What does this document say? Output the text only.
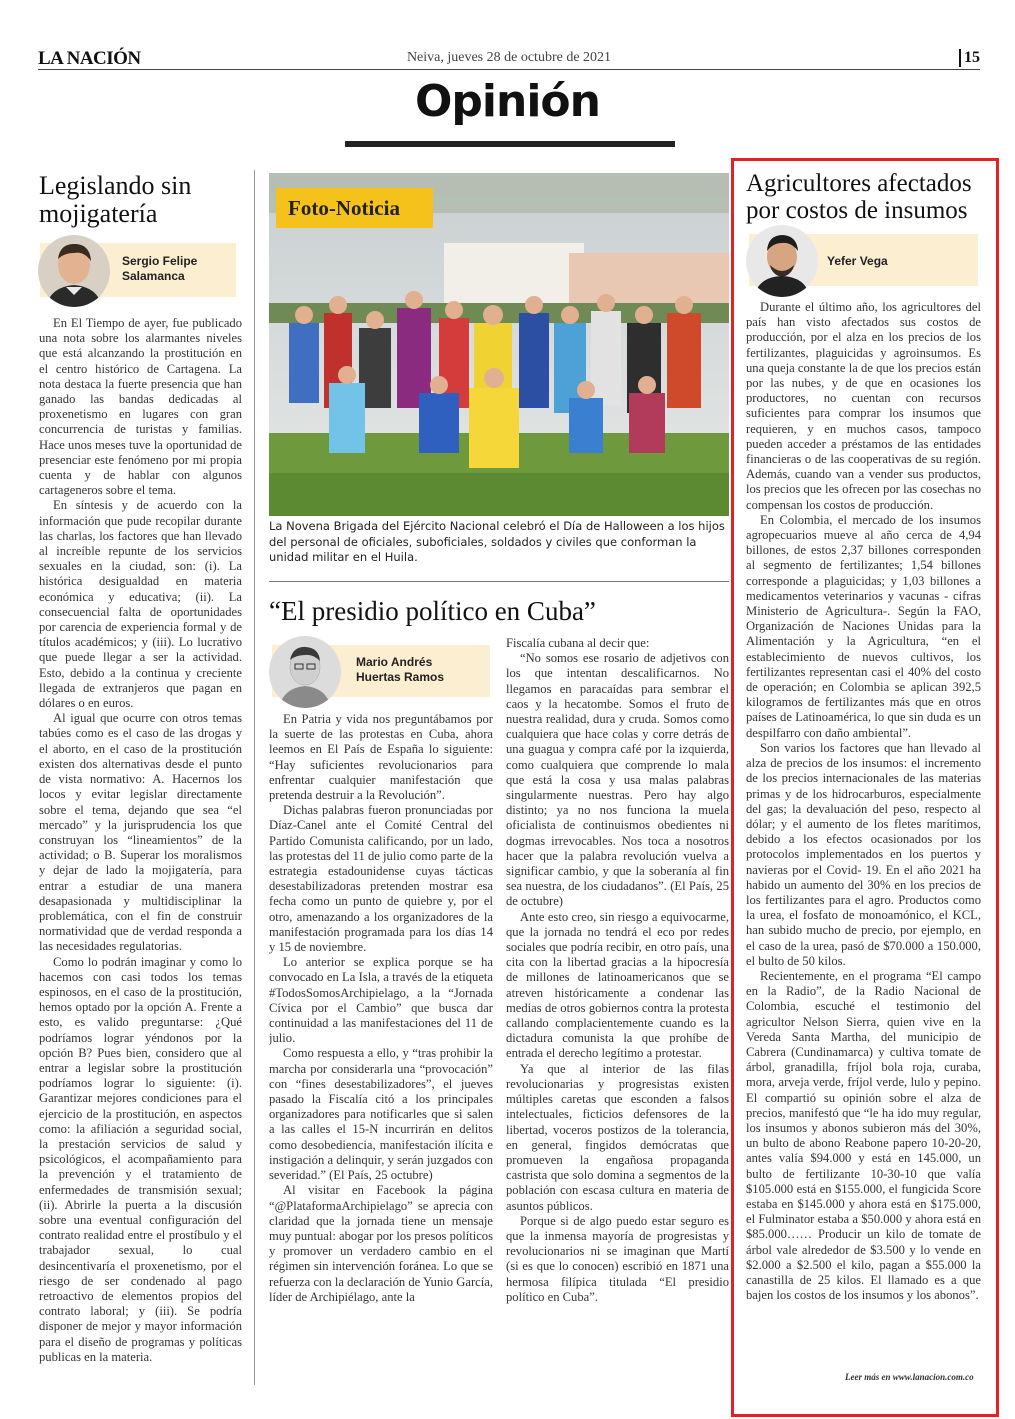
LA NACIÓN	Neiva, jueves 28 de octubre de 2021	15
Opinión
Legislando sin mojigatería
Sergio Felipe Salamanca

En El Tiempo de ayer, fue publicado una nota sobre los alarmantes niveles que está alcanzando la prostitución en el centro histórico de Cartagena. La nota destaca la fuerte presencia que han ganado las bandas dedicadas al proxenetismo en lugares con gran concurrencia de turistas y familias. Hace unos meses tuve la oportunidad de presenciar este fenómeno por mi propia cuenta y de hablar con algunos cartageneros sobre el tema.

En síntesis y de acuerdo con la información que pude recopilar durante las charlas, los factores que han llevado al increíble repunte de los servicios sexuales en la ciudad, son: (i). La histórica desigualdad en materia económica y educativa; (ii). La consecuencial falta de oportunidades por carencia de experiencia formal y de títulos académicos; y (iii). Lo lucrativo que puede llegar a ser la actividad. Esto, debido a la continua y creciente llegada de extranjeros que pagan en dólares o en euros.

Al igual que ocurre con otros temas tabúes como es el caso de las drogas y el aborto, en el caso de la prostitución existen dos alternativas desde el punto de vista normativo: A. Hacernos los locos y evitar legislar directamente sobre el tema, dejando que sea “el mercado” y la jurisprudencia los que construyan los “lineamientos” de la actividad; o B. Superar los moralismos y dejar de lado la mojigatería, para entrar a estudiar de una manera desapasionada y multidisciplinar la problemática, con el fin de construir normatividad que de verdad responda a las necesidades regulatorias.

Como lo podrán imaginar y como lo hacemos con casi todos los temas espinosos, en el caso de la prostitución, hemos optado por la opción A. Frente a esto, es valido preguntarse: ¿Qué podríamos lograr yéndonos por la opción B? Pues bien, considero que al entrar a legislar sobre la prostitución podríamos lograr lo siguiente: (i). Garantizar mejores condiciones para el ejercicio de la prostitución, en aspectos como: la afiliación a seguridad social, la prestación servicios de salud y psicológicos, el acompañamiento para la prevención y el tratamiento de enfermedades de transmisión sexual; (ii). Abrirle la puerta a la discusión sobre una eventual configuración del contrato realidad entre el prostíbulo y el trabajador sexual, lo cual desincentivaría el proxenetismo, por el riesgo de ser condenado al pago retroactivo de elementos propios del contrato laboral; y (iii). Se podría disponer de mejor y mayor información para el diseño de programas y políticas publicas en la materia.

Foto-Noticia
La Novena Brigada del Ejército Nacional celebró el Día de Halloween a los hijos del personal de oficiales, suboficiales, soldados y civiles que conforman la unidad militar en el Huila.
“El presidio político en Cuba”
Mario Andrés Huertas Ramos

En Patria y vida nos preguntábamos por la suerte de las protestas en Cuba, ahora leemos en El País de España lo siguiente: “Hay suficientes revolucionarios para enfrentar cualquier manifestación que pretenda destruir a la Revolución”.

Dichas palabras fueron pronunciadas por Díaz-Canel ante el Comité Central del Partido Comunista calificando, por un lado, las protestas del 11 de julio como parte de la estrategia estadounidense cuyas tácticas desestabilizadoras pretenden mostrar esa fecha como un punto de quiebre y, por el otro, amenazando a los organizadores de la manifestación programada para los días 14 y 15 de noviembre.

Lo anterior se explica porque se ha convocado en La Isla, a través de la etiqueta #TodosSomosArchipielago, a la “Jornada Cívica por el Cambio” que busca dar continuidad a las manifestaciones del 11 de julio.

Como respuesta a ello, y “tras prohibir la marcha por considerarla una “provocación” con “fines desestabilizadores”, el jueves pasado la Fiscalía citó a los principales organizadores para notificarles que si salen a las calles el 15-N incurrirán en delitos como desobediencia, manifestación ilícita e instigación a delinquir, y serán juzgados con severidad.” (El País, 25 octubre)

Al visitar en Facebook la página “@PlataformaArchipielago” se aprecia con claridad que la jornada tiene un mensaje muy puntual: abogar por los presos políticos y promover un verdadero cambio en el régimen sin intervención foránea. Lo que se refuerza con la declaración de Yunio García, líder de Archipiélago, ante la

Fiscalía cubana al decir que:

“No somos ese rosario de adjetivos con los que intentan descalificarnos. No llegamos en paracaídas para sembrar el caos y la hecatombe. Somos el fruto de nuestra realidad, dura y cruda. Somos como cualquiera que hace colas y corre detrás de una guagua y compra café por la izquierda, como cualquiera que comprende lo mala que está la cosa y usa malas palabras singularmente nuestras. Pero hay algo distinto; ya no nos funciona la muela oficialista de continuismos obedientes ni dogmas irrevocables. Nos toca a nosotros hacer que la palabra revolución vuelva a significar cambio, y que la soberanía al fin sea nuestra, de los ciudadanos”. (El País, 25 de octubre)

Ante esto creo, sin riesgo a equivocarme, que la jornada no tendrá el eco por redes sociales que podría recibir, en otro país, una cita con la libertad gracias a la hipocresía de millones de latinoamericanos que se atreven históricamente a condenar las medias de otros gobiernos contra la protesta callando complacientemente cuando es la dictadura comunista la que prohíbe de entrada el derecho legítimo a protestar.

Ya que al interior de las filas revolucionarias y progresistas existen múltiples caretas que esconden a falsos intelectuales, ficticios defensores de la libertad, voceros postizos de la tolerancia, en general, fingidos demócratas que promueven la engañosa propaganda castrista que solo domina a segmentos de la población con escasa cultura en materia de asuntos públicos.

Porque si de algo puedo estar seguro es que la inmensa mayoría de progresistas y revolucionarios ni se imaginan que Martí (si es que lo conocen) escribió en 1871 una hermosa filípica titulada “El presidio político en Cuba”.

Agricultores afectados por costos de insumos
Yefer Vega

Durante el último año, los agricultores del país han visto afectados sus costos de producción, por el alza en los precios de los fertilizantes, plaguicidas y agroinsumos. Es una queja constante la de que los precios están por las nubes, y de que en ocasiones los productores, no cuentan con recursos suficientes para comprar los insumos que requieren, y en muchos casos, tampoco pueden acceder a préstamos de las entidades financieras o de las cooperativas de su región. Además, cuando van a vender sus productos, los precios que les ofrecen por las cosechas no compensan los costos de producción.

En Colombia, el mercado de los insumos agropecuarios mueve al año cerca de 4,94 billones, de estos 2,37 billones corresponden al segmento de fertilizantes; 1,54 billones corresponde a plaguicidas; y 1,03 billones a medicamentos veterinarios y vacunas - cifras Ministerio de Agricultura-. Según la FAO, Organización de Naciones Unidas para la Alimentación y la Agricultura, “en el establecimiento de nuevos cultivos, los fertilizantes representan casi el 40% del costo de operación; en Colombia se aplican 392,5 kilogramos de fertilizantes más que en otros países de Latinoamérica, lo que sin duda es un despilfarro con daño ambiental”.

Son varios los factores que han llevado al alza de precios de los insumos: el incremento de los precios internacionales de las materias primas y de los hidrocarburos, especialmente del gas; la devaluación del peso, respecto al dólar; y el aumento de los fletes marítimos, debido a los efectos ocasionados por los protocolos implementados en los puertos y navieras por el Covid- 19. En el año 2021 ha habido un aumento del 30% en los precios de los fertilizantes para el agro. Productos como la urea, el fosfato de monoamónico, el KCL, han subido mucho de precio, por ejemplo, en el caso de la urea, pasó de $70.000 a 150.000, el bulto de 50 kilos.

Recientemente, en el programa “El campo en la Radio”, de la Radio Nacional de Colombia, escuché el testimonio del agricultor Nelson Sierra, quien vive en la Vereda Santa Martha, del municipio de Cabrera (Cundinamarca) y cultiva tomate de árbol, granadilla, fríjol bola roja, curaba, mora, arveja verde, fríjol verde, lulo y pepino. El compartió su opinión sobre el alza de precios, manifestó que “le ha ido muy regular, los insumos y abonos subieron más del 30%, un bulto de abono Reabone papero 10-20-20, antes valía $94.000 y está en 145.000, un bulto de fertilizante 10-30-10 que valía $105.000 está en $155.000, el fungicida Score estaba en $145.000 y ahora está en $175.000, el Fulminator estaba a $50.000 y ahora está en $85.000…… Producir un kilo de tomate de árbol vale alrededor de $3.500 y lo vende en $2.000 a $2.500 el kilo, pagan a $55.000 la canastilla de 25 kilos. El llamado es a que bajen los costos de los insumos y los abonos”.

Leer más en www.lanacion.com.co
